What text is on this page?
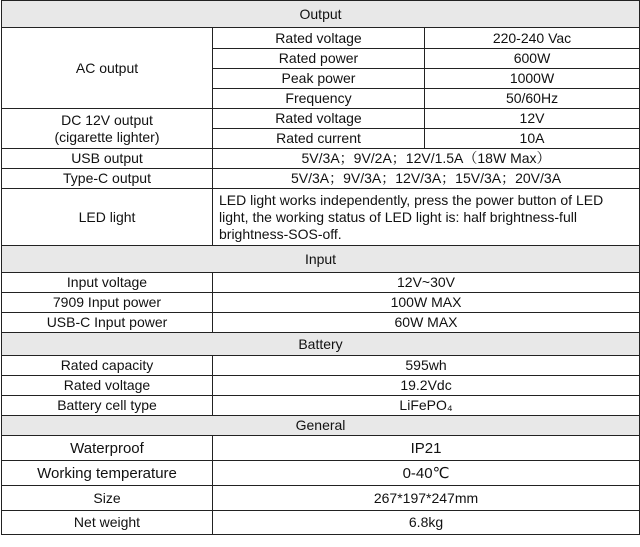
Output		
AC output	Rated voltage	220-240 Vac
	Rated power	600W
	Peak power	1000W
	Frequency	50/60Hz

DC 12V output
(cigarette lighter)	Rated voltage	12V
	Rated current	10A
USB output	5V/3A；9V/2A；12V/1.5A（18W Max）	
Type-C output	5V/3A；9V/3A；12V/3A；15V/3A；20V/3A	
LED light	LED light works independently, press the power button of LED light, the working status of LED light is: half brightness-full brightness-SOS-off.	
Input		
Input voltage	12V~30V	
7909 Input power	100W MAX	
USB-C Input power	60W MAX	
Battery		
Rated capacity	595wh	
Rated voltage	19.2Vdc	
Battery cell type	LiFePO₄	
General		
Waterproof	IP21	
Working temperature	0-40℃	
Size	267*197*247mm	
Net weight	6.8kg	
